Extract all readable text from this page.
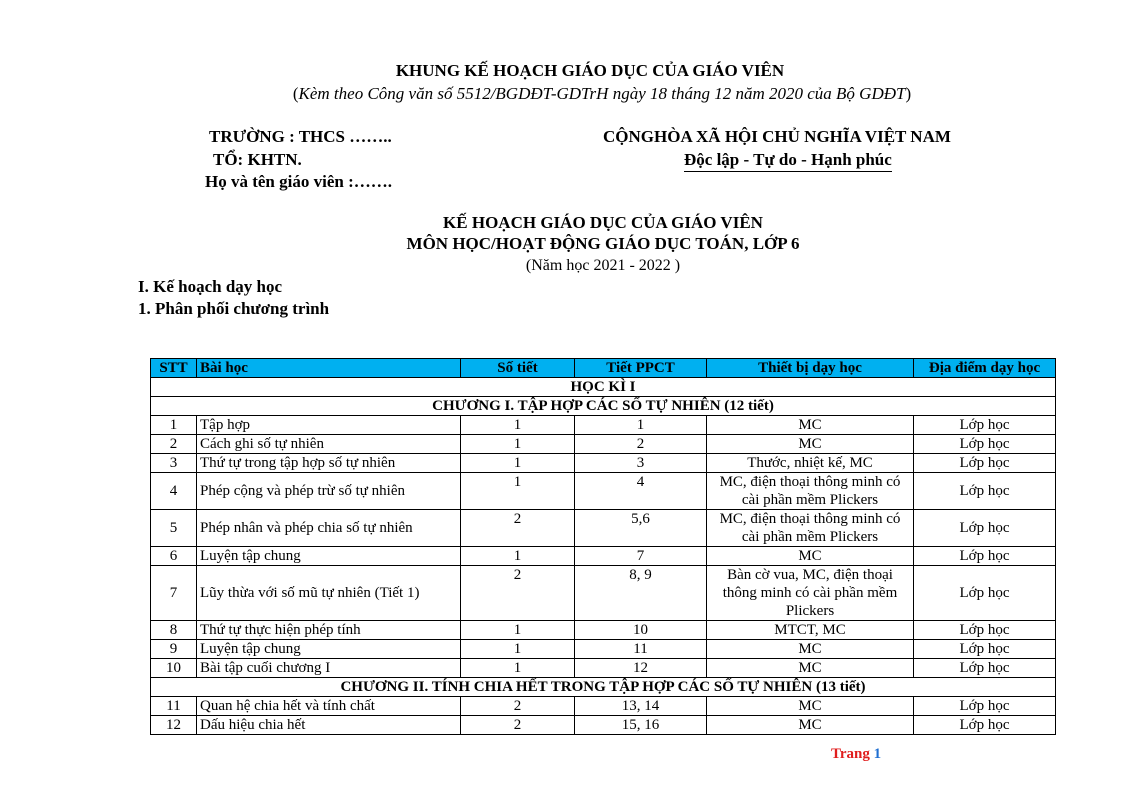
KHUNG KẾ HOẠCH GIÁO DỤC CỦA GIÁO VIÊN
(Kèm theo Công văn số 5512/BGDĐT-GDTrH ngày 18 tháng 12 năm 2020 của Bộ GDĐT)
TRƯỜNG : THCS ……..
TỔ: KHTN.
Họ và tên giáo viên :…….
CỘNGHÒA XÃ HỘI CHỦ NGHĨA VIỆT NAM
Độc lập - Tự do - Hạnh phúc
KẾ HOẠCH GIÁO DỤC CỦA GIÁO VIÊN
MÔN HỌC/HOẠT ĐỘNG GIÁO DỤC TOÁN, LỚP 6
(Năm học 2021 - 2022 )
I. Kế hoạch dạy học
1. Phân phối chương trình
STT	Bài học	Số tiết	Tiết PPCT	Thiết bị dạy học	Địa điểm dạy học
HỌC KÌ I					
CHƯƠNG I. TẬP HỢP CÁC SỐ TỰ NHIÊN (12 tiết)					
1	Tập hợp	1	1	MC	Lớp học
2	Cách ghi số tự nhiên	1	2	MC	Lớp học
3	Thứ tự trong tập hợp số tự nhiên	1	3	Thước, nhiệt kế, MC	Lớp học
4	Phép cộng và phép trừ số tự nhiên	1	4	MC, điện thoại thông minh có cài phần mềm Plickers	Lớp học
5	Phép nhân và phép chia số tự nhiên	2	5,6	MC, điện thoại thông minh có cài phần mềm Plickers	Lớp học
6	Luyện tập chung	1	7	MC	Lớp học
7	Lũy thừa với số mũ tự nhiên (Tiết 1)	2	8, 9	Bàn cờ vua, MC, điện thoại thông minh có cài phần mềm Plickers	Lớp học
8	Thứ tự thực hiện phép tính	1	10	MTCT, MC	Lớp học
9	Luyện tập chung	1	11	MC	Lớp học
10	Bài tập cuối chương I	1	12	MC	Lớp học
CHƯƠNG II. TÍNH CHIA HẾT TRONG TẬP HỢP CÁC SỐ TỰ NHIÊN (13 tiết)					
11	Quan hệ chia hết và tính chất	2	13, 14	MC	Lớp học
12	Dấu hiệu chia hết	2	15, 16	MC	Lớp học
Trang 1
